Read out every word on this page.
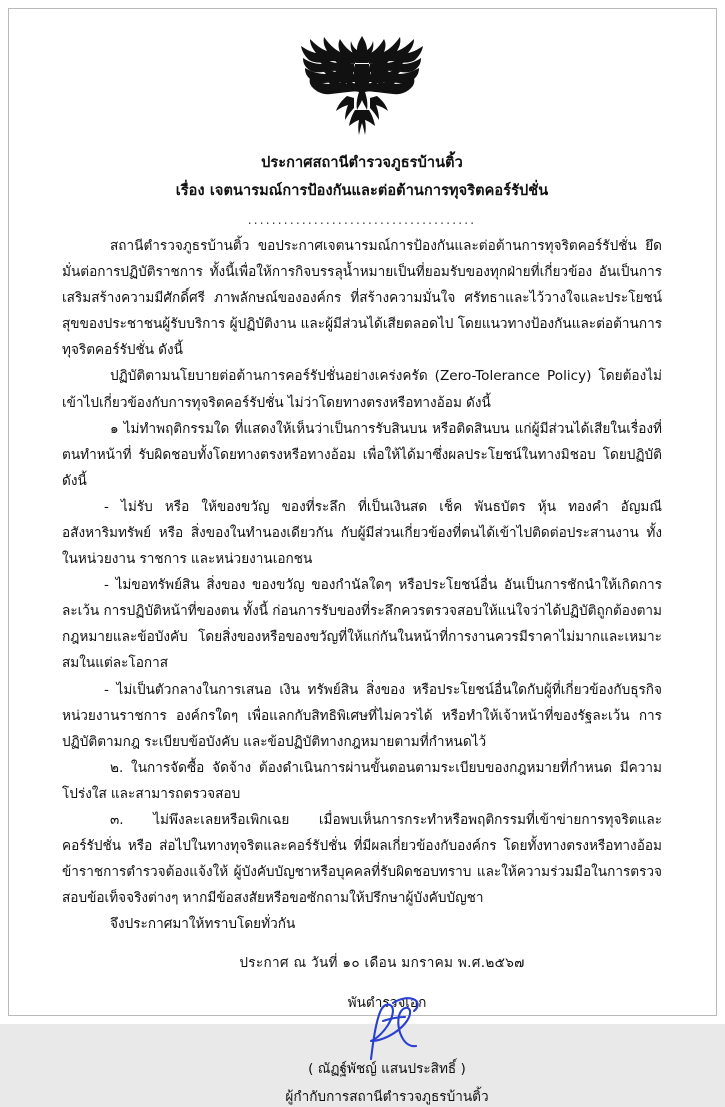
ประกาศสถานีตำรวจภูธรบ้านติ้ว
เรื่อง เจตนารมณ์การป้องกันและต่อต้านการทุจริตคอร์รัปชั่น
......................................

สถานีตำรวจภูธรบ้านติ้ว ขอประกาศเจตนารมณ์การป้องกันและต่อต้านการทุจริตคอร์รัปชั่น ยึดมั่นต่อการปฏิบัติราชการ ทั้งนี้เพื่อให้การกิจบรรลุน้ำหมายเป็นที่ยอมรับของทุกฝ่ายที่เกี่ยวข้อง อันเป็นการเสริมสร้างความมีศักดิ์ศรี ภาพลักษณ์ขององค์กร ที่สร้างความมั่นใจ ศรัทธาและไว้วางใจและประโยชน์สุขของประชาชนผู้รับบริการ ผู้ปฏิบัติงาน และผู้มีส่วนได้เสียตลอดไป โดยแนวทางป้องกันและต่อต้านการทุจริตคอร์รัปชั่น ดังนี้

ปฏิบัติตามนโยบายต่อต้านการคอร์รัปชั่นอย่างเคร่งครัด (Zero-Tolerance Policy) โดยต้องไม่เข้าไปเกี่ยวข้องกับการทุจริตคอร์รัปชั่น ไม่ว่าโดยทางตรงหรือทางอ้อม ดังนี้

๑ ไม่ทำพฤติกรรมใด ที่แสดงให้เห็นว่าเป็นการรับสินบน หรือติดสินบน แก่ผู้มีส่วนได้เสียในเรื่องที่ตนทำหน้าที่ รับผิดชอบทั้งโดยทางตรงหรือทางอ้อม เพื่อให้ได้มาซึ่งผลประโยชน์ในทางมิชอบ โดยปฏิบัติดังนี้

- ไม่รับ หรือ ให้ของขวัญ ของที่ระลึก ที่เป็นเงินสด เช็ค พันธบัตร หุ้น ทองคำ อัญมณี อสังหาริมทรัพย์ หรือ สิ่งของในทำนองเดียวกัน กับผู้มีส่วนเกี่ยวข้องที่ตนได้เข้าไปติดต่อประสานงาน ทั้งในหน่วยงาน ราชการ และหน่วยงานเอกชน

- ไม่ขอทรัพย์สิน สิ่งของ ของขวัญ ของกำนัลใดๆ หรือประโยชน์อื่น อันเป็นการชักนำให้เกิดการละเว้น การปฏิบัติหน้าที่ของตน ทั้งนี้ ก่อนการรับของที่ระลึกควรตรวจสอบให้แน่ใจว่าได้ปฏิบัติถูกต้องตามกฎหมายและข้อบังคับ โดยสิ่งของหรือของขวัญที่ให้แก่กันในหน้าที่การงานควรมีราคาไม่มากและเหมาะสมในแต่ละโอกาส

- ไม่เป็นตัวกลางในการเสนอ เงิน ทรัพย์สิน สิ่งของ หรือประโยชน์อื่นใดกับผู้ที่เกี่ยวข้องกับธุรกิจหน่วยงานราชการ องค์กรใดๆ เพื่อแลกกับสิทธิพิเศษที่ไม่ควรได้ หรือทำให้เจ้าหน้าที่ของรัฐละเว้น การปฏิบัติตามกฎ ระเบียบข้อบังคับ และข้อปฏิบัติทางกฎหมายตามที่กำหนดไว้

๒. ในการจัดซื้อ จัดจ้าง ต้องดำเนินการผ่านขั้นตอนตามระเบียบของกฎหมายที่กำหนด มีความโปร่งใส และสามารถตรวจสอบ

๓. ไม่พึงละเลยหรือเพิกเฉย เมื่อพบเห็นการกระทำหรือพฤติกรรมที่เข้าข่ายการทุจริตและคอร์รัปชั่น หรือ ส่อไปในทางทุจริตและคอร์รัปชั่น ที่มีผลเกี่ยวข้องกับองค์กร โดยทั้งทางตรงหรือทางอ้อม ข้าราชการตำรวจต้องแจ้งให้ ผู้บังคับบัญชาหรือบุคคลที่รับผิดชอบทราบ และให้ความร่วมมือในการตรวจสอบข้อเท็จจริงต่างๆ หากมีข้อสงสัยหรือขอซักถามให้ปรึกษาผู้บังคับบัญชา

จึงประกาศมาให้ทราบโดยทั่วกัน

ประกาศ ณ วันที่ ๑๐ เดือน มกราคม พ.ศ.๒๕๖๗
พันตำรวจเอก
( ณัฏฐ์พัชญ์ แสนประสิทธิ์ )
ผู้กำกับการสถานีตำรวจภูธรบ้านติ้ว
